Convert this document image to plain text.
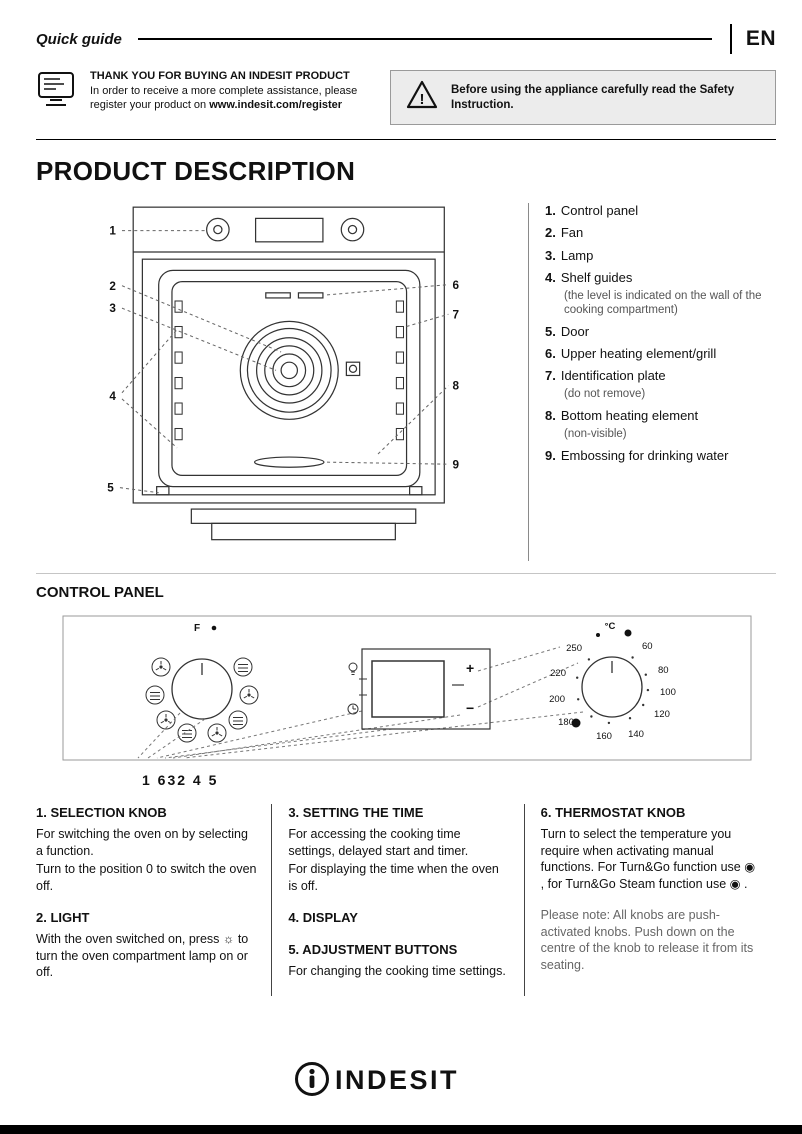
Quick guide	EN
THANK YOU FOR BUYING AN INDESIT PRODUCT
In order to receive a more complete assistance, please register your product on www.indesit.com/register	!
Before using the appliance carefully read the Safety Instruction.
PRODUCT DESCRIPTION
1
2
3
4
5
6
7
8
9
1. Control panel
2. Fan
3. Lamp
4. Shelf guides
(the level is indicated on the wall of the cooking compartment)
5. Door
6. Upper heating element/grill
7. Identification plate
(do not remove)
8. Bottom heating element
(non-visible)
9. Embossing for drinking water
CONTROL PANEL
F
+
−
°C
250
220
200
180
160 140
120
100
80
60
1 632 4 5
1. SELECTION KNOB

For switching the oven on by selecting a function.

Turn to the position 0 to switch the oven off.

2. LIGHT

With the oven switched on, press ☼ to turn the oven compartment lamp on or off.

3. SETTING THE TIME

For accessing the cooking time settings, delayed start and timer.

For displaying the time when the oven is off.

4. DISPLAY
5. ADJUSTMENT BUTTONS

For changing the cooking time settings.

6. THERMOSTAT KNOB

Turn to select the temperature you require when activating manual functions. For Turn&Go function use ◉ , for Turn&Go Steam function use ◉ .

Please note: All knobs are push-activated knobs. Push down on the centre of the knob to release it from its seating.

INDESIT
